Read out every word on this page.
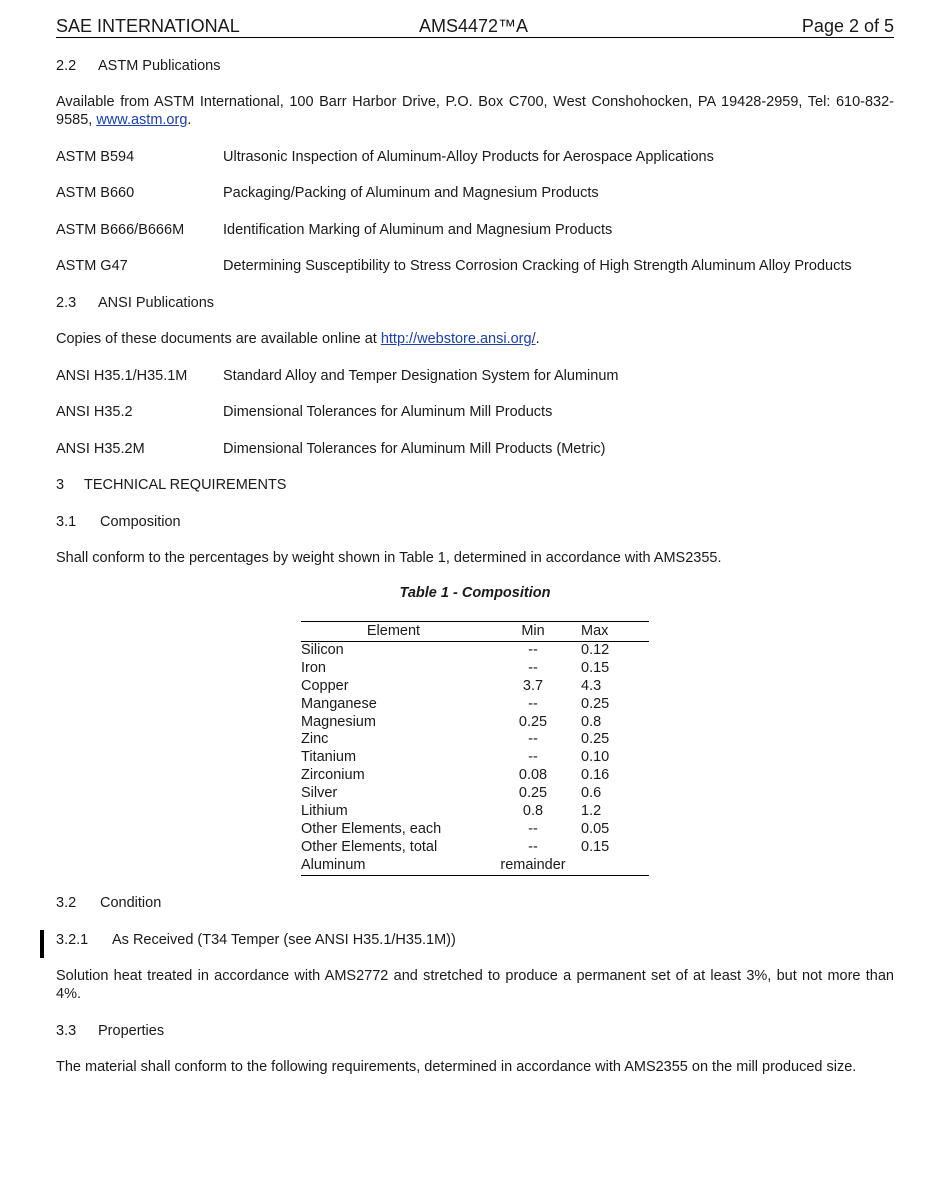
SAE INTERNATIONAL	AMS4472™A	Page 2 of 5
2.2 ASTM Publications
Available from ASTM International, 100 Barr Harbor Drive, P.O. Box C700, West Conshohocken, PA 19428-2959, Tel: 610-832-9585, www.astm.org.
ASTM B594	Ultrasonic Inspection of Aluminum-Alloy Products for Aerospace Applications
ASTM B660	Packaging/Packing of Aluminum and Magnesium Products
ASTM B666/B666M	Identification Marking of Aluminum and Magnesium Products
ASTM G47	Determining Susceptibility to Stress Corrosion Cracking of High Strength Aluminum Alloy Products
2.3 ANSI Publications
Copies of these documents are available online at http://webstore.ansi.org/.
ANSI H35.1/H35.1M Standard Alloy and Temper Designation System for Aluminum
ANSI H35.2	Dimensional Tolerances for Aluminum Mill Products
ANSI H35.2M	Dimensional Tolerances for Aluminum Mill Products (Metric)
3 TECHNICAL REQUIREMENTS
3.1 Composition
Shall conform to the percentages by weight shown in Table 1, determined in accordance with AMS2355.
Table 1 - Composition
Element	Min	Max
Silicon	--	0.12
Iron	--	0.15
Copper	3.7	4.3
Manganese	--	0.25
Magnesium	0.25	0.8
Zinc	--	0.25
Titanium	--	0.10
Zirconium	0.08	0.16
Silver	0.25	0.6
Lithium	0.8	1.2
Other Elements, each	--	0.05
Other Elements, total	--	0.15
Aluminum	remainder
3.2 Condition
3.2.1 As Received (T34 Temper (see ANSI H35.1/H35.1M))
Solution heat treated in accordance with AMS2772 and stretched to produce a permanent set of at least 3%, but not more than 4%.
3.3 Properties
The material shall conform to the following requirements, determined in accordance with AMS2355 on the mill produced size.
